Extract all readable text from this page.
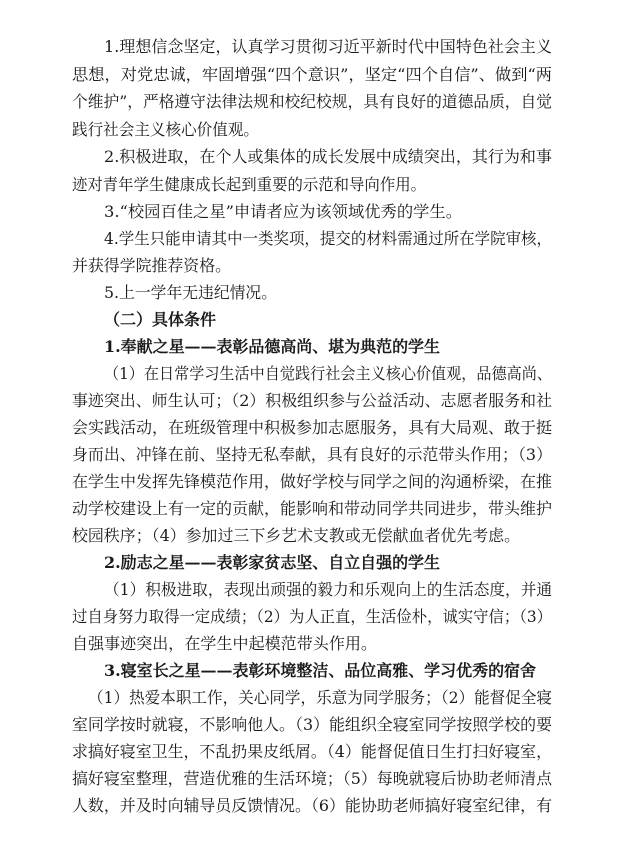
1.理想信念坚定，认真学习贯彻习近平新时代中国特色社会主义
思想，对党忠诚，牢固增强“四个意识”，坚定“四个自信”、做到“两
个维护”，严格遵守法律法规和校纪校规，具有良好的道德品质，自觉
践行社会主义核心价值观。
2.积极进取，在个人或集体的成长发展中成绩突出，其行为和事
迹对青年学生健康成长起到重要的示范和导向作用。
3.“校园百佳之星”申请者应为该领域优秀的学生。
4.学生只能申请其中一类奖项，提交的材料需通过所在学院审核，
并获得学院推荐资格。
5.上一学年无违纪情况。
（二）具体条件
1.奉献之星——表彰品德高尚、堪为典范的学生
（1）在日常学习生活中自觉践行社会主义核心价值观，品德高尚、
事迹突出、师生认可；（2）积极组织参与公益活动、志愿者服务和社
会实践活动，在班级管理中积极参加志愿服务，具有大局观、敢于挺
身而出、冲锋在前、坚持无私奉献，具有良好的示范带头作用；（3）
在学生中发挥先锋模范作用，做好学校与同学之间的沟通桥梁，在推
动学校建设上有一定的贡献，能影响和带动同学共同进步，带头维护
校园秩序；（4）参加过三下乡艺术支教或无偿献血者优先考虑。
2.励志之星——表彰家贫志坚、自立自强的学生
（1）积极进取，表现出顽强的毅力和乐观向上的生活态度，并通
过自身努力取得一定成绩；（2）为人正直，生活俭朴，诚实守信；（3）
自强事迹突出，在学生中起模范带头作用。
3.寝室长之星——表彰环境整洁、品位高雅、学习优秀的宿舍
（1）热爱本职工作，关心同学，乐意为同学服务；（2）能督促全寝
室同学按时就寝，不影响他人。（3）能组织全寝室同学按照学校的要
求搞好寝室卫生，不乱扔果皮纸屑。（4）能督促值日生打扫好寝室，
搞好寝室整理，营造优雅的生活环境；（5）每晚就寝后协助老师清点
人数，并及时向辅导员反馈情况。（6）能协助老师搞好寝室纪律，有
